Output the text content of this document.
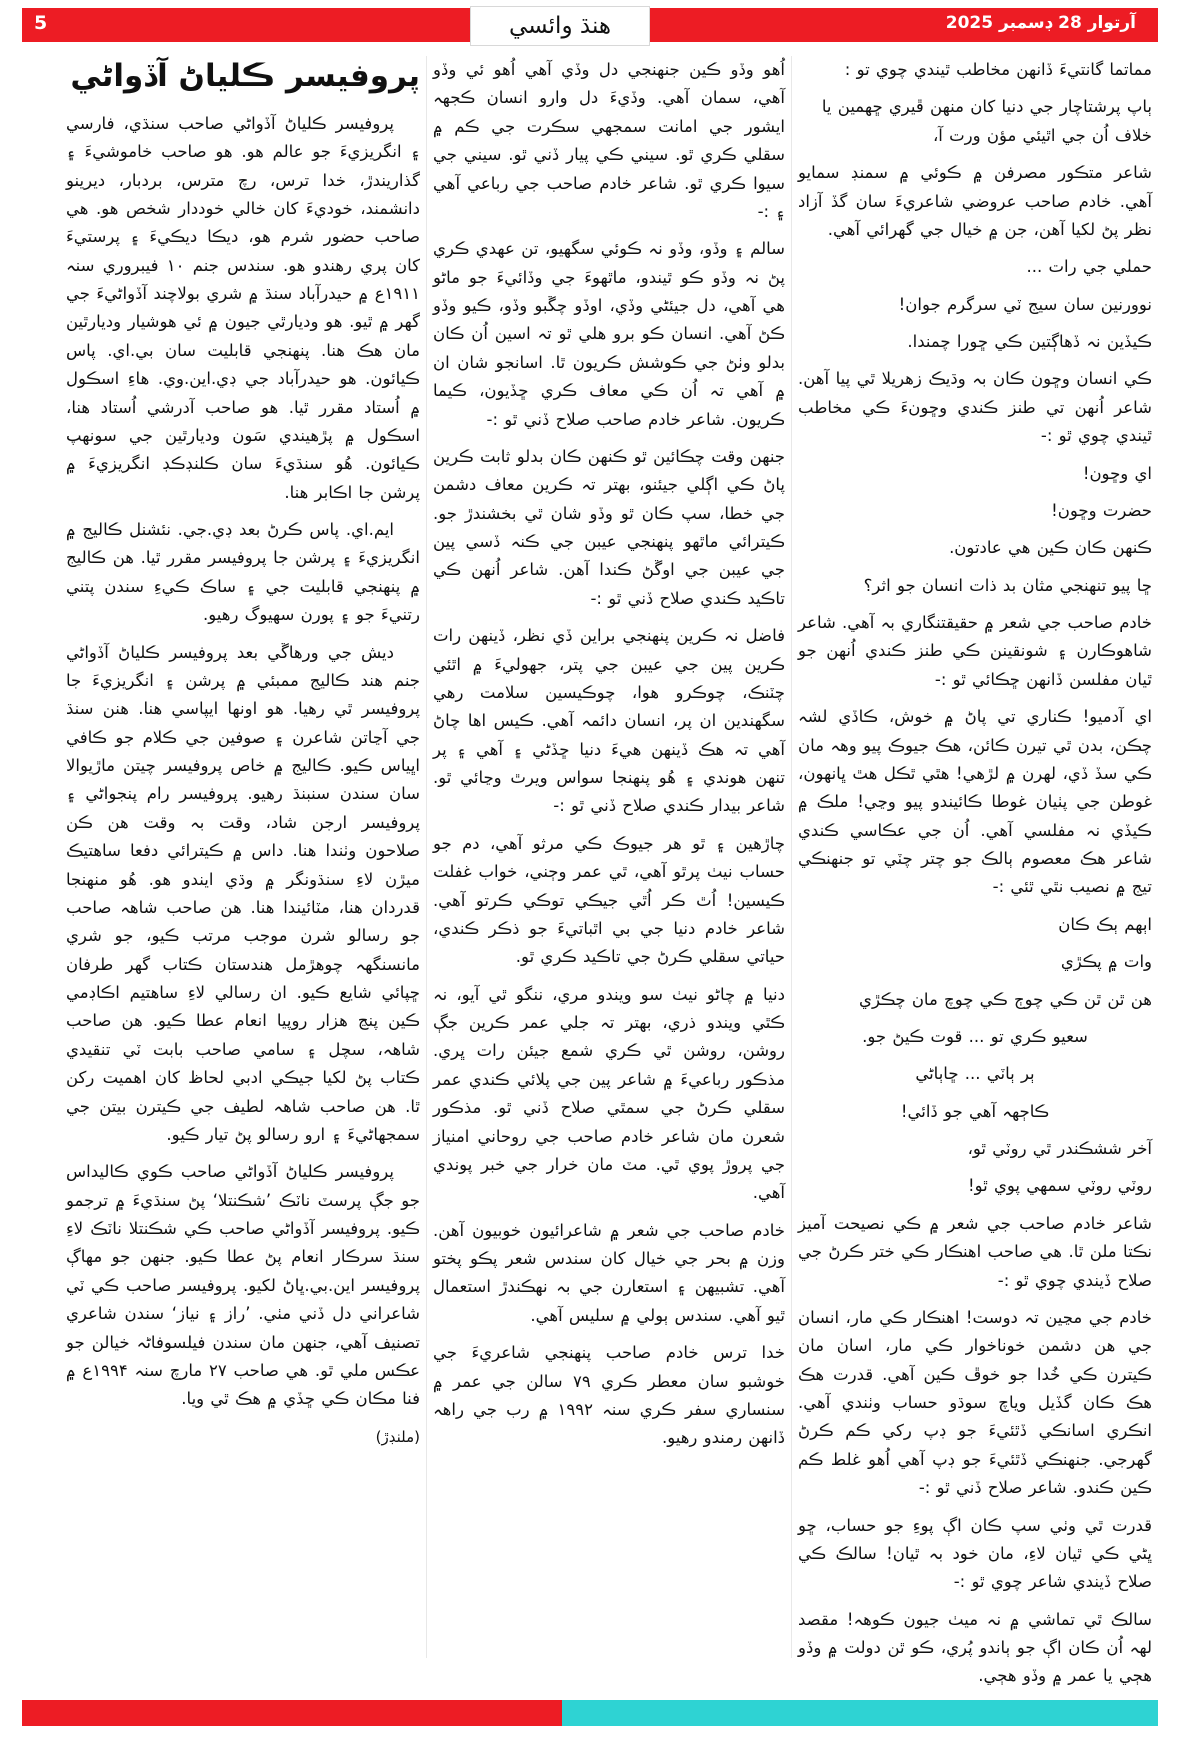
5	هنڌ وائسي	آرتوار 28 ڊسمبر 2025

مماتما گانتيءَ ڏانهن مخاطب ٿيندي چوي تو :

ٻاپ پرشتاچار جي دنيا کان منهن ڦيري ڇهمين يا خلاف اُن جي اٿيئي مؤن ورت آ،

شاعر متڪور مصرفن ۾ ڪوئي ۾ سمنڊ سمايو آهي. خادم صاحب عروضي شاعريءَ سان گڏ آزاد نظر پڻ لکيا آهن، جن ۾ خيال جي گهرائي آهي.

حملي جي رات ...

نوورنين سان سيج ٽي سرگرم جوان!

ڪيڏين نہ ڏهاڳتين ڪي ڇورا چمندا.

ڪي انسان وڇون ڪان بہ وڌيڪ زهريلا ٿي پيا آهن. شاعر اُنهن تي طنز ڪندي وڇونءَ ڪي مخاطب ٿيندي چوي ٿو :-

اي وڇون!

حضرت وڇون!

ڪنهن ڪان ڪين هي عادتون.

ڇا پيو تنهنجي مثان بد ذات انسان جو اثر؟

خادم صاحب جي شعر ۾ حقيقتنگاري بہ آهي. شاعر شاهوڪارن ۽ شونقينن ڪي طنز ڪندي اُنهن جو ٿيان مفلسن ڏانهن ڇڪائي ٿو :-

اي آدميو! ڪناري تي پاڻ ۾ خوش، ڪاڏي لشہ چڪن، بدن ٿي تيرن ڪائن، هڪ جيوڪ پيو وهہ مان ڪي سڏ ڏي، لهرن ۾ لڙهي! هٿي ٿڪل هٿ ڀانهون، غوطن جي پٺيان غوطا ڪائيندو پيو وڃي! ملڪ ۾ ڪيڏي نہ مفلسي آهي. اُن جي عڪاسي ڪندي شاعر هڪ معصوم ٻالڪ جو چتر چٽي تو جنهنڪي تيج ۾ نصيب نٿي ٿئي :-

اٻهم ٻڪ ڪان

وات ۾ پڪڙي

هن ٿن ٿن ڪي چوڄ ڪي چوچ مان چڪڙي

سعيو ڪري تو ... قوت ڪيڻ جو.

ٻر ٻاٽي ... ڇاٻاڻي

ڪاڄھہ آهي جو ڏائي!

آخر ششڪندر ٿي روٽي ٿو،

روٽي روٽي سمھي پوي ٿو!

شاعر خادم صاحب جي شعر ۾ ڪي نصيحت آميز نڪتا ملن ٿا. هي صاحب اهنڪار ڪي ختر ڪرڻ جي صلاح ڏيندي چوي ٿو :-

خادم جي مڃين تہ دوست! اهنڪار ڪي مار، انسان جي هن دشمن خوناخوار ڪي مار، اسان مان ڪيترن ڪي خُدا جو خوڦ ڪين آهي. قدرت هڪ هڪ ڪان گڏيل وياچ سوڌو حساب وٺندي آهي. انڪري اسانڪي ڏٿئيءَ جو ڊپ ركي ڪم ڪرڻ گهرجي. جنهنڪي ڏٿئيءَ جو ڊپ آهي اُهو غلط ڪم ڪين ڪندو. شاعر صلاح ڏني ٿو :-

قدرت ٿي وٺي سپ ڪان اڳ پوءِ جو حساب، ڇو ڀڻي ڪي ٿيان لاءِ، مان خود بہ ٿيان! سالڪ ڪي صلاح ڏيندي شاعر چوي ٿو :-

سالڪ ٿي تماشي ۾ نہ ميٺ جيون ڪوهہ! مقصد لهہ اُن ڪان اڳ جو ٻاندو پُري، ڪو ٿن دولت ۾ وڏو هڄي يا عمر ۾ وڏو هڄي.

اُهو وڏو ڪين جنهنجي دل وڏي آهي اُهو ئي وڏو آهي، سمان آهي. وڏيءَ دل وارو انسان ڪجھہ ايشور جي امانت سمجھي سڪرت جي ڪم ۾ سقلي ڪري ٿو. سيني ڪي پيار ڏني ٿو. سيني جي سيوا ڪري ٿو. شاعر خادم صاحب جي رباعي آهي ۽ :-

سالم ۽ وڏو، وڏو نہ ڪوئي سگهيو، تن عهدي ڪري پڻ نہ وڏو ڪو ٿيندو، ماٿهوءَ جي وڏائيءَ جو ماڻو هي آهي، دل جيئڻي وڏي، اوڏو چڱبو وڏو، ڪيو وڏو ڪڻ آهي. انسان ڪو برو ھلي ٿو تہ اسين اُن ڪان بدلو وٺڻ جي ڪوشش ڪريون ٿا. اسانجو شان ان ۾ آهي تہ اُن ڪي معاف ڪري ڇڏيون، ڪيما ڪريون. شاعر خادم صاحب صلاح ڏني ٿو :-

جنهن وقت چڪائين ٿو ڪنهن ڪان بدلو ثابت ڪرين پاڻ ڪي اڳلي جيئنو، بهتر تہ ڪرين معاف دشمن جي خطا، سپ ڪان ٿو وڏو شان ٿي بخشندڙ جو. ڪيترائي ماٿهو پنهنجي عيبن جي ڪنہ ڏسي پين جي عيبن جي اوڱڻ ڪندا آهن. شاعر اُنهن ڪي تاڪيد ڪندي صلاح ڏني ٿو :-

فاضل نہ ڪرين پنهنجي براين ڏي نظر، ڏينهن رات ڪرين پين جي عيبن جي پتر، جهوليءَ ۾ اٿئي چٽنڪ، چوڪرو هوا، چوڪيسين سلامت رهي سگهندين ان پر، انسان دائمہ آهي. ڪيس اها چاڻ آهي تہ هڪ ڏينهن هيءَ دنيا ڇڏڻي ۽ آهي ۽ پر تنهن هوندي ۽ هُو پنهنجا سواس ويرٿ وڃائي ٿو. شاعر بيدار ڪندي صلاح ڏني ٿو :-

چاڙهين ۽ ٿو هر جيوڪ ڪي مرثو آهي، دم جو حساب نيٺ پرٿو آهي، ٿي عمر وڄني، خواب غفلت ڪيسين! اُٿ ڪر اُٿي جيڪي توڪي ڪرتو آهي. شاعر خادم دنيا جي بي اٿباتيءَ جو ذڪر ڪندي، حياتي سقلي ڪرڻ جي تاڪيد ڪري ٿو.

دنيا ۾ چاڻو نيٺ سو ويندو مري، ننگو ٿي آيو، نہ ڪٿي ويندو ذري، بهتر تہ جلي عمر ڪرين جڳ روشن، روشن ٿي ڪري شمع جيئن رات ڀري. مذڪور رباعيءَ ۾ شاعر پين جي پلائي ڪندي عمر سقلي ڪرڻ جي سمٿي صلاح ڏني ٿو. مذڪور شعرن مان شاعر خادم صاحب جي روحاني امنياز جي پروڙ پوي ٿي. مٽ مان خرار جي خبر پوندي آهي.

خادم صاحب جي شعر ۾ شاعرائيون خوبيون آهن. وزن ۾ بحر جي خيال کان سندس شعر پڪو پختو آهي. تشبيھن ۽ استعارن جي بہ نهڪندڙ استعمال ٿيو آهي. سندس ٻولي ۾ سليس آهي.

خدا ترس خادم صاحب پنهنجي شاعريءَ جي خوشبو سان معطر ڪري ۷۹ سالن جي عمر ۾ سنساري سفر ڪري سنہ ۱۹۹۲ ۾ رب جي راهہ ڏانهن رمندو رهيو.

پروفيسر ڪلياڻ آڏواڻي

پروفيسر ڪلياڻ آڏواڻي صاحب سنڌي، فارسي ۽ انگريزيءَ جو عالم هو. هو صاحب خاموشيءَ ۽ گذاريندڙ، خدا ترس، رچ مترس، بردبار، ديرينو دانشمند، خوديءَ کان خالي خوددار شخص هو. هي صاحب حضور شرم هو، ديڪا ديڪيءَ ۽ پرستيءَ کان پري رهندو هو. سندس جنم ۱۰ فيبروري سنہ ۱۹۱۱ع ۾ حيدرآباد سنڌ ۾ شري بولاچند آڏواڻيءَ جي گھر ۾ ٿيو. هو وديارٿي جيون ۾ ئي هوشيار وديارٿين مان هڪ هنا. پنهنجي قابليت سان بي.اي. پاس ڪيائون. هو حيدرآباد جي ڊي.اين.وي. هاءِ اسڪول ۾ اُستاد مقرر ٿيا. هو صاحب آدرشي اُستاد هنا، اسڪول ۾ پڙهيندي سَون وديارٿين جي سونهپ ڪيائون. هُو سنڌيءَ سان ڪلنڊڪڊ انگريزيءَ ۾ پرشن جا اڪابر هنا.

ايم.اي. پاس ڪرڻ بعد ڊي.جي. نئشنل ڪاليج ۾ انگريزيءَ ۽ پرشن جا پروفيسر مقرر ٿيا. هن ڪاليج ۾ پنهنجي قابليت جي ۽ ساڪ ڪيءِ سندن پتني رتنيءَ جو ۽ پورن سهيوگ رهيو.

ديش جي ورهاڱي بعد پروفيسر ڪلياڻ آڏواڻي جنم هند ڪاليج ممبئي ۾ پرشن ۽ انگريزيءَ جا پروفيسر ٿي رهيا. هو اونها ايپاسي هنا. هنن سنڌ جي آڃاتن شاعرن ۽ صوفين جي ڪلام جو ڪافي اڀياس ڪيو. ڪاليج ۾ خاص پروفيسر چيتن ماڙيوالا سان سندن سنبنڌ رهيو. پروفيسر رام پنجواڻي ۽ پروفيسر ارجن شاد، وقت بہ وقت هن ڪن صلاحون وٺندا هنا. داس ۾ ڪيترائي دفعا ساهتيڪ ميڙن لاءِ سنڌونگر ۾ وڌي ايندو هو. هُو منهنجا قدردان هنا، مٽائيندا هنا. هن صاحب شاهہ صاحب جو رسالو شرن موجب مرتب ڪيو، جو شري مانسنگھہ چوهڙمل هندستان ڪتاب گھر طرفان ڇپائي شايع ڪيو. ان رسالي لاءِ ساهتيم اڪاڊمي ڪين پنڃ هزار روپيا انعام عطا ڪيو. هن صاحب شاهہ، سچل ۽ سامي صاحب بابت ٽي تنقيدي ڪتاب پڻ لکيا جيڪي ادبي لحاظ کان اهميت رکن ٿا. هن صاحب شاهہ لطيف جي ڪيترن بيتن جي سمجهاڻيءَ ۽ ارو رسالو پڻ تيار ڪيو.

پروفيسر ڪلياڻ آڏواڻي صاحب ڪوي ڪاليداس جو جڳ پرسٽ ناٽڪ ’شڪنتلا‘ پڻ سنڌيءَ ۾ ترجمو ڪيو. پروفيسر آڏواڻي صاحب ڪي شڪنتلا ناٽڪ لاءِ سنڌ سرڪار انعام پڻ عطا ڪيو. جنهن جو مهاڳ پروفيسر اين.بي.ڀاڻ لکيو. پروفيسر صاحب ڪي ٽي شاعراني دل ڏني مٺي. ’راز ۽ نياز‘ سندن شاعري تصنيف آهي، جنهن مان سندن فيلسوفاڻہ خيالن جو عڪس ملي ٿو. هي صاحب ۲۷ مارچ سنہ ۱۹۹۴ع ۾ فنا مڪان ڪي ڇڏي ۾ هڪ ٿي ويا.

(ملنڊڙ)
